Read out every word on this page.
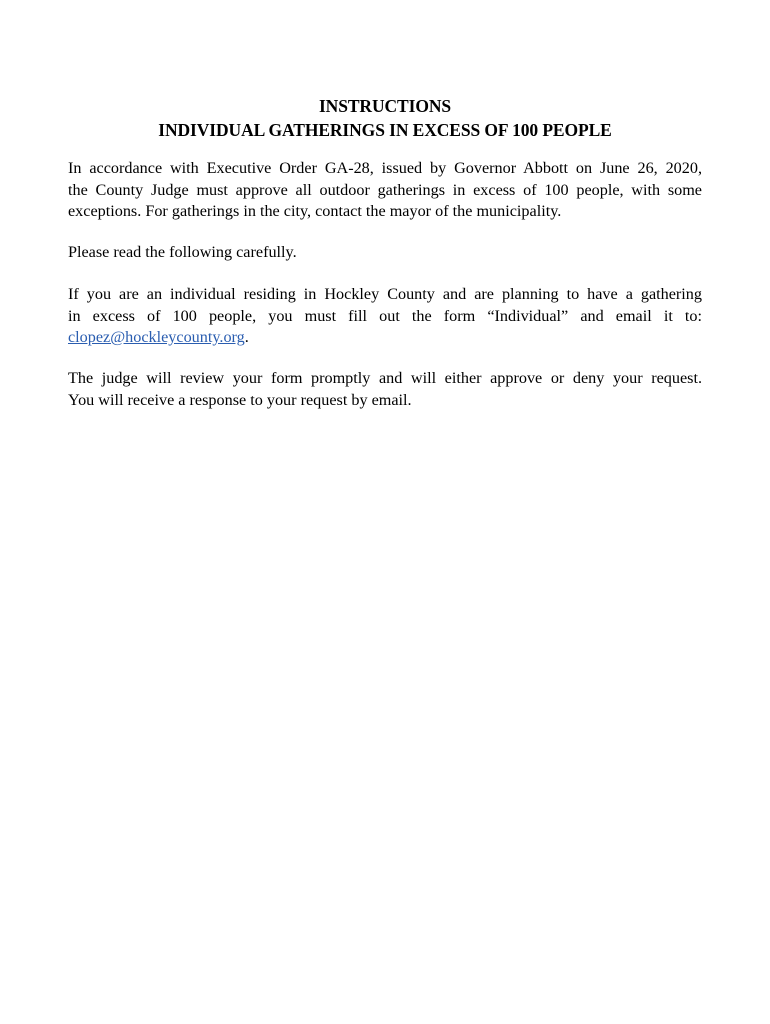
INSTRUCTIONS
INDIVIDUAL GATHERINGS IN EXCESS OF 100 PEOPLE
In accordance with Executive Order GA-28, issued by Governor Abbott on June 26, 2020,
the County Judge must approve all outdoor gatherings in excess of 100 people, with some
exceptions. For gatherings in the city, contact the mayor of the municipality.
Please read the following carefully.
If you are an individual residing in Hockley County and are planning to have a gathering
in excess of 100 people, you must fill out the form “Individual” and email it to:
clopez@hockleycounty.org.
The judge will review your form promptly and will either approve or deny your request.
You will receive a response to your request by email.
